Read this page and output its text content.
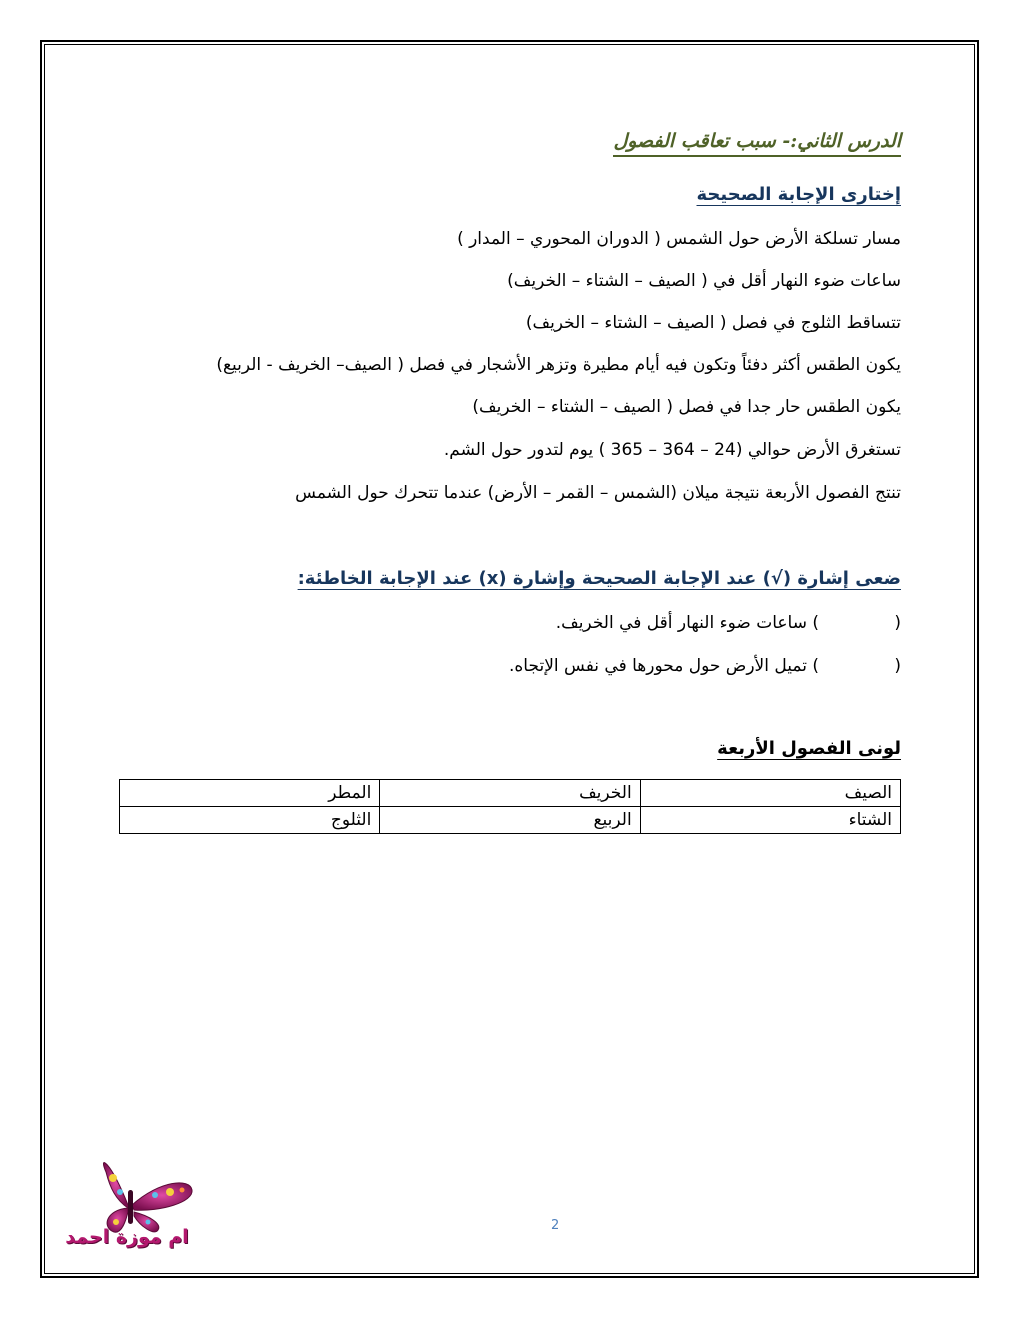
الدرس الثاني:- سبب تعاقب الفصول
إختارى الإجابة الصحيحة
مسار تسلكة الأرض حول الشمس ( الدوران المحوري – المدار )
ساعات ضوء النهار أقل في ( الصيف – الشتاء – الخريف)
تتساقط الثلوج في فصل ( الصيف – الشتاء – الخريف)
يكون الطقس أكثر دفئاً وتكون فيه أيام مطيرة وتزهر الأشجار في فصل ( الصيف– الخريف - الربيع)
يكون الطقس حار جدا في فصل ( الصيف – الشتاء – الخريف)
تستغرق الأرض حوالي (24 – 364 – 365 ) يوم لتدور حول الشم.
تنتج الفصول الأربعة نتيجة ميلان (الشمس – القمر – الأرض) عندما تتحرك حول الشمس
ضعى إشارة (√) عند الإجابة الصحيحة وإشارة (x) عند الإجابة الخاطئة:
() ساعات ضوء النهار أقل في الخريف.
() تميل الأرض حول محورها في نفس الإتجاه.
لونى الفصول الأربعة
الصيف	الخريف	المطر
الشتاء	الربيع	الثلوج
ام موزة احمد
2
